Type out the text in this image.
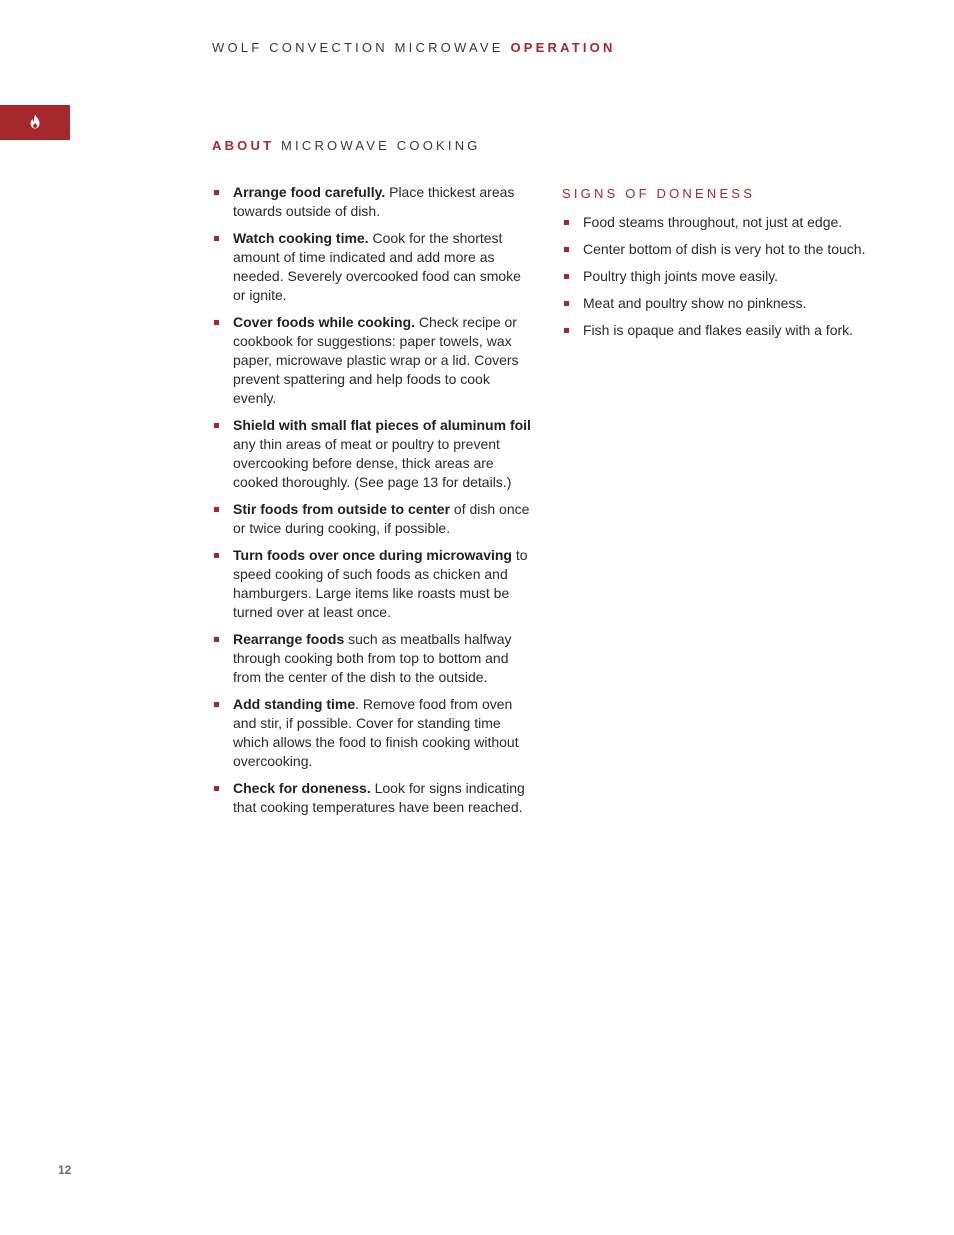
WOLF CONVECTION MICROWAVE OPERATION
ABOUT MICROWAVE COOKING
Arrange food carefully. Place thickest areas towards outside of dish.
Watch cooking time. Cook for the shortest amount of time indicated and add more as needed. Severely overcooked food can smoke or ignite.
Cover foods while cooking. Check recipe or cookbook for suggestions: paper towels, wax paper, microwave plastic wrap or a lid. Covers prevent spattering and help foods to cook evenly.
Shield with small flat pieces of aluminum foil any thin areas of meat or poultry to prevent overcooking before dense, thick areas are cooked thoroughly. (See page 13 for details.)
Stir foods from outside to center of dish once or twice during cooking, if possible.
Turn foods over once during microwaving to speed cooking of such foods as chicken and hamburgers. Large items like roasts must be turned over at least once.
Rearrange foods such as meatballs halfway through cooking both from top to bottom and from the center of the dish to the outside.
Add standing time. Remove food from oven and stir, if possible. Cover for standing time which allows the food to finish cooking without overcooking.
Check for doneness. Look for signs indicating that cooking temperatures have been reached.
SIGNS OF DONENESS
Food steams throughout, not just at edge.
Center bottom of dish is very hot to the touch.
Poultry thigh joints move easily.
Meat and poultry show no pinkness.
Fish is opaque and flakes easily with a fork.
12
